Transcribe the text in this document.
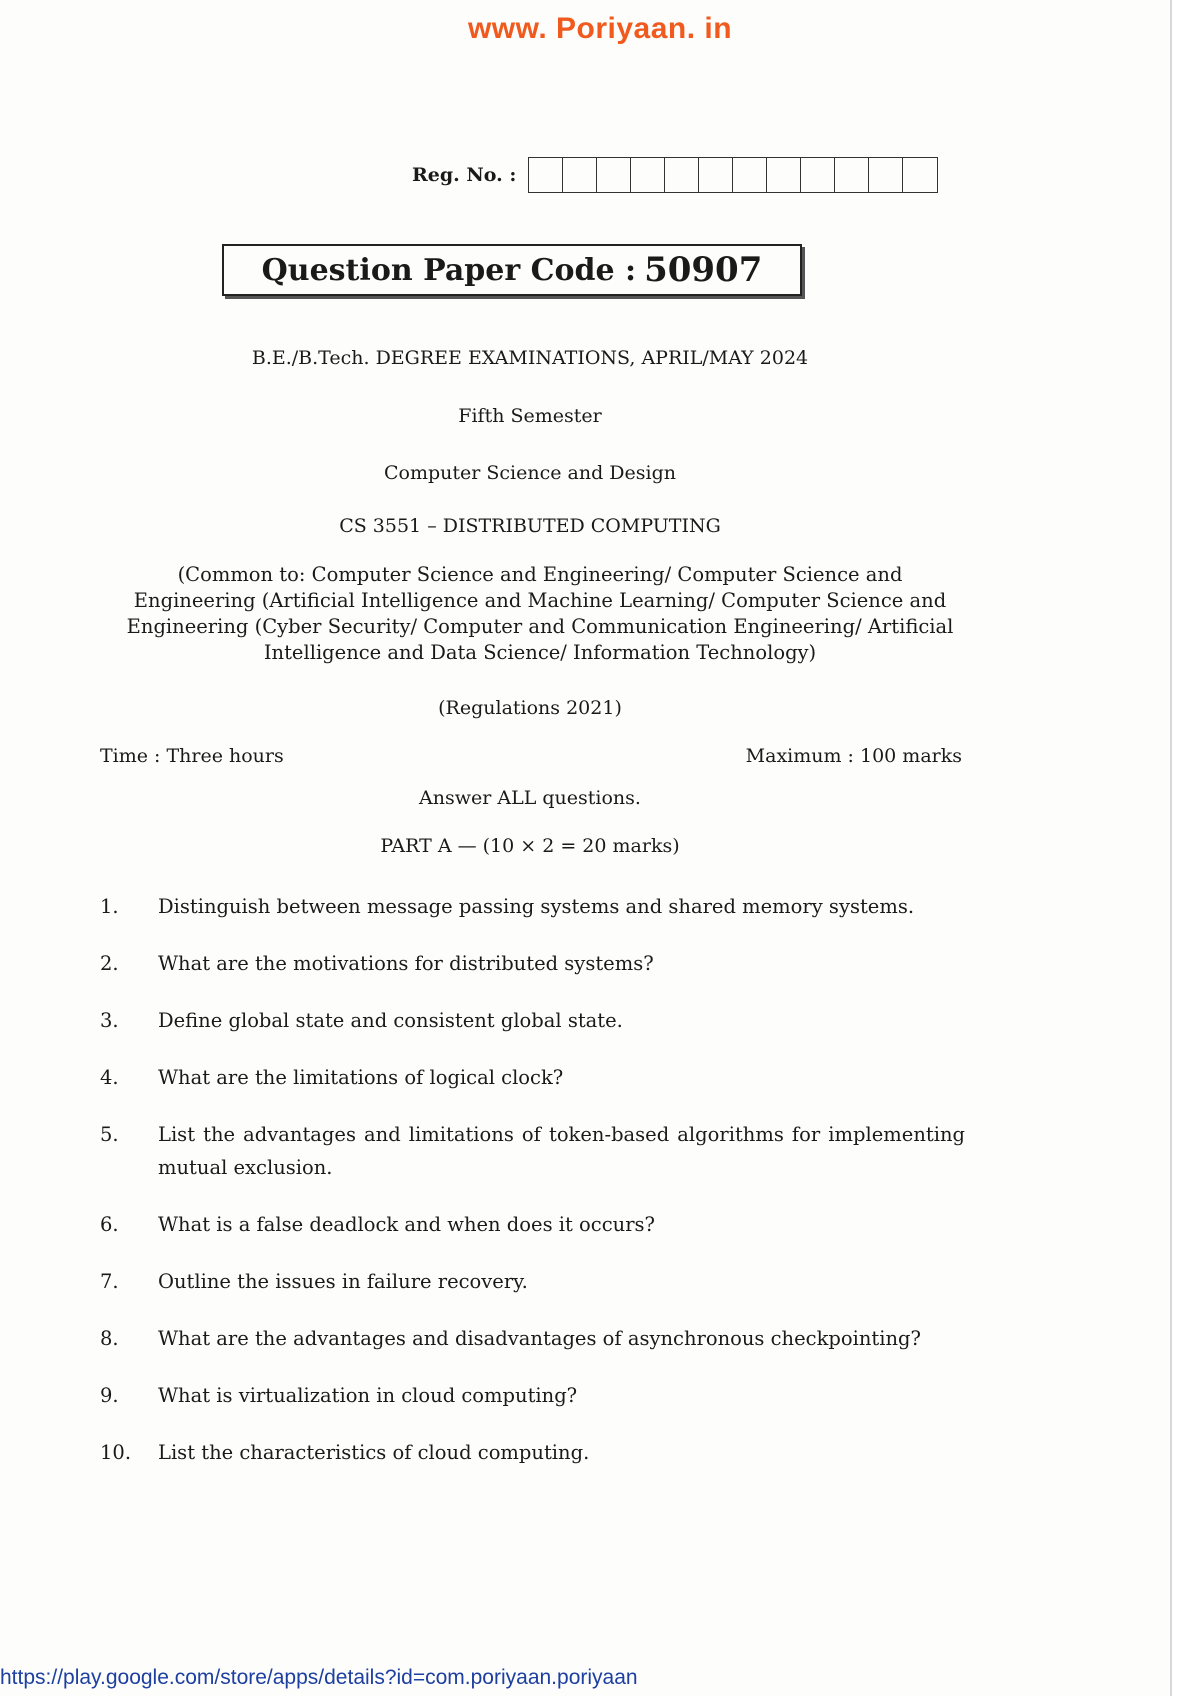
www. Poriyaan. in
Reg. No. :
Question Paper Code : 50907
B.E./B.Tech. DEGREE EXAMINATIONS, APRIL/MAY 2024
Fifth Semester
Computer Science and Design
CS 3551 – DISTRIBUTED COMPUTING
(Common to: Computer Science and Engineering/ Computer Science and
Engineering (Artificial Intelligence and Machine Learning/ Computer Science and
Engineering (Cyber Security/ Computer and Communication Engineering/ Artificial
Intelligence and Data Science/ Information Technology)
(Regulations 2021)
Time : Three hours	Maximum : 100 marks
Answer ALL questions.
PART A — (10 × 2 = 20 marks)
1.	Distinguish between message passing systems and shared memory systems.
2.	What are the motivations for distributed systems?
3.	Define global state and consistent global state.
4.	What are the limitations of logical clock?
5.	List the advantages and limitations of token-based algorithms for implementing mutual exclusion.
6.	What is a false deadlock and when does it occurs?
7.	Outline the issues in failure recovery.
8.	What are the advantages and disadvantages of asynchronous checkpointing?
9.	What is virtualization in cloud computing?
10.	List the characteristics of cloud computing.
https://play.google.com/store/apps/details?id=com.poriyaan.poriyaan
